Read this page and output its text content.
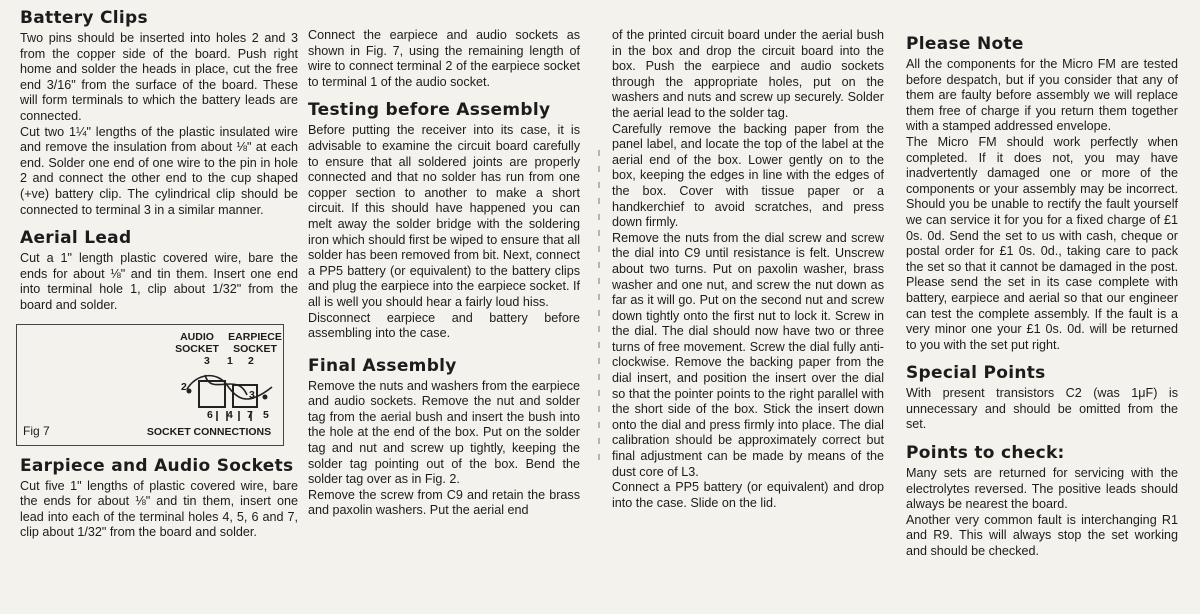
Battery Clips

Two pins should be inserted into holes 2 and 3 from the copper side of the board. Push right home and solder the heads in place, cut the free end 3/16" from the surface of the board. These will form terminals to which the battery leads are connected.

Cut two 1¼" lengths of the plastic insulated wire and remove the insulation from about ⅛" at each end. Solder one end of one wire to the pin in hole 2 and connect the other end to the cup shaped (+ve) battery clip. The cylindrical clip should be connected to terminal 3 in a similar manner.

Aerial Lead

Cut a 1" length plastic covered wire, bare the ends for about ⅛" and tin them. Insert one end into terminal hole 1, clip about 1/32" from the board and solder.

AUDIO SOCKET
EARPIECE SOCKET
3 1 2
2
3
6 4 7 5
Fig 7	SOCKET CONNECTIONS
Earpiece and Audio Sockets

Cut five 1" lengths of plastic covered wire, bare the ends for about ⅛" and tin them, insert one lead into each of the terminal holes 4, 5, 6 and 7, clip about 1/32" from the board and solder.

Connect the earpiece and audio sockets as shown in Fig. 7, using the remaining length of wire to connect terminal 2 of the earpiece socket to terminal 1 of the audio socket.

Testing before Assembly

Before putting the receiver into its case, it is advisable to examine the circuit board carefully to ensure that all soldered joints are properly connected and that no solder has run from one copper section to another to make a short circuit. If this should have happened you can melt away the solder bridge with the soldering iron which should first be wiped to ensure that all solder has been removed from bit. Next, connect a PP5 battery (or equivalent) to the battery clips and plug the earpiece into the earpiece socket. If all is well you should hear a fairly loud hiss.

Disconnect earpiece and battery before assembling into the case.

Final Assembly

Remove the nuts and washers from the earpiece and audio sockets. Remove the nut and solder tag from the aerial bush and insert the bush into the hole at the end of the box. Put on the solder tag and nut and screw up tightly, keeping the solder tag pointing out of the box. Bend the solder tag over as in Fig. 2.

Remove the screw from C9 and retain the brass and paxolin washers. Put the aerial end

of the printed circuit board under the aerial bush in the box and drop the circuit board into the box. Push the earpiece and audio sockets through the appropriate holes, put on the washers and nuts and screw up securely. Solder the aerial lead to the solder tag.

Carefully remove the backing paper from the panel label, and locate the top of the label at the aerial end of the box. Lower gently on to the box, keeping the edges in line with the edges of the box. Cover with tissue paper or a handkerchief to avoid scratches, and press down firmly.

Remove the nuts from the dial screw and screw the dial into C9 until resistance is felt. Unscrew about two turns. Put on paxolin washer, brass washer and one nut, and screw the nut down as far as it will go. Put on the second nut and screw down tightly onto the first nut to lock it. Screw in the dial. The dial should now have two or three turns of free movement. Screw the dial fully anti-clockwise. Remove the backing paper from the dial insert, and position the insert over the dial so that the pointer points to the right parallel with the short side of the box. Stick the insert down onto the dial and press firmly into place. The dial calibration should be approximately correct but final adjustment can be made by means of the dust core of L3.

Connect a PP5 battery (or equivalent) and drop into the case. Slide on the lid.

Please Note

All the components for the Micro FM are tested before despatch, but if you consider that any of them are faulty before assembly we will replace them free of charge if you return them together with a stamped addressed envelope.

The Micro FM should work perfectly when completed. If it does not, you may have inadvertently damaged one or more of the components or your assembly may be incorrect. Should you be unable to rectify the fault yourself we can service it for you for a fixed charge of £1 0s. 0d. Send the set to us with cash, cheque or postal order for £1 0s. 0d., taking care to pack the set so that it cannot be damaged in the post. Please send the set in its case complete with battery, earpiece and aerial so that our engineer can test the complete assembly. If the fault is a very minor one your £1 0s. 0d. will be returned to you with the set put right.

Special Points

With present transistors C2 (was 1μF) is unnecessary and should be omitted from the set.

Points to check:

Many sets are returned for servicing with the electrolytes reversed. The positive leads should always be nearest the board.

Another very common fault is interchanging R1 and R9. This will always stop the set working and should be checked.
